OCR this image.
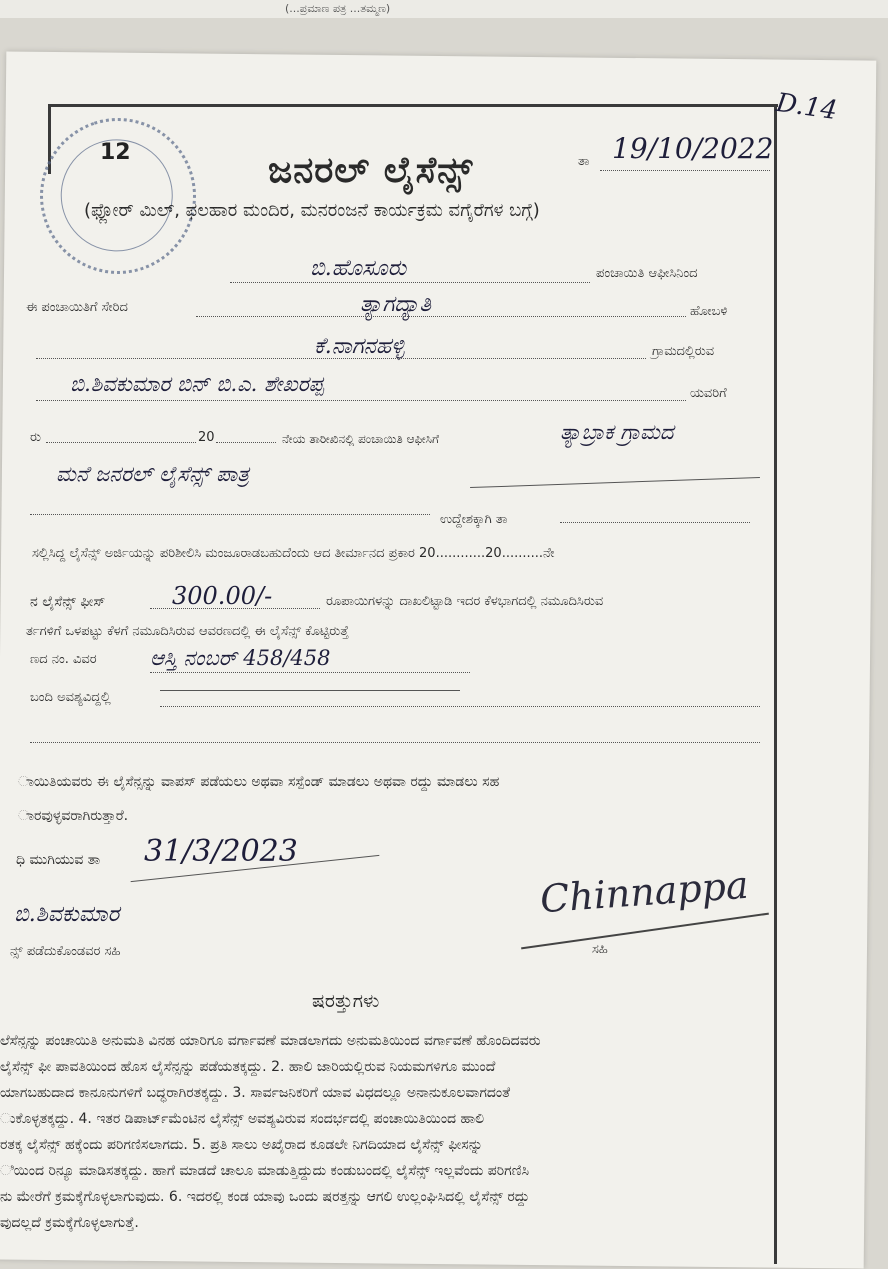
(...ಪ್ರಮಾಣ ಪತ್ರ ...ತಮ್ಮಣ)
12	ಜನರಲ್ ಲೈಸೆನ್ಸ್
(ಫ್ಲೋರ್ ಮಿಲ್, ಫಲಹಾರ ಮಂದಿರ, ಮನರಂಜನೆ ಕಾರ್ಯಕ್ರಮ ವಗೈರೆಗಳ ಬಗ್ಗೆ)
ತಾ 19/10/2022
D.14
ಬಿ.ಹೊಸೂರು	ಪಂಚಾಯಿತಿ ಆಫೀಸಿನಿಂದ
ಈ ಪಂಚಾಯಿತಿಗೆ ಸೇರಿದ	ತ್ಯಾಗದ್ಯಾತಿ	ಹೋಬಳಿ
ಕೆ.ನಾಗನಹಳ್ಳಿ	ಗ್ರಾಮದಲ್ಲಿರುವ
ಬಿ.ಶಿವಕುಮಾರ ಬಿನ್ ಬಿ.ಎ. ಶೇಖರಪ್ಪ	ಯವರಿಗೆ
ರು	20	ನೇಯ ತಾರೀಖಿನಲ್ಲಿ ಪಂಚಾಯಿತಿ ಆಫೀಸಿಗೆ	ತ್ಯಾಬ್ರಾಕ ಗ್ರಾಮದ
ಮನೆ ಜನರಲ್ ಲೈಸೆನ್ಸ್ ಪಾತ್ರ
ಉದ್ದೇಶಕ್ಕಾಗಿ ತಾ
ಸಲ್ಲಿಸಿದ್ದ ಲೈಸೆನ್ಸ್ ಅರ್ಜಿಯನ್ನು ಪರಿಶೀಲಿಸಿ ಮಂಜೂರಾಡಬಹುದೆಂದು ಆದ ತೀರ್ಮಾನದ ಪ್ರಕಾರ 20............20..........ನೇ
ನ ಲೈಸೆನ್ಸ್ ಫೀಸ್	300.00/-	ರೂಪಾಯಿಗಳನ್ನು ದಾಖಲಿಟ್ಟಾಡಿ ಇದರ ಕೆಳಭಾಗದಲ್ಲಿ ನಮೂದಿಸಿರುವ
ರ್ತಗಳಿಗೆ ಒಳಪಟ್ಟು ಕೆಳಗೆ ನಮೂದಿಸಿರುವ ಆವರಣದಲ್ಲಿ ಈ ಲೈಸೆನ್ಸ್ ಕೊಟ್ಟಿರುತ್ತೆ
ಣದ ನಂ. ವಿವರ	ಆಸ್ತಿ ನಂಬರ್ 458/458
ಬಂದಿ ಅವಶ್ಯವಿದ್ದಲ್ಲಿ
ಾಯಿತಿಯವರು ಈ ಲೈಸೆನ್ಸನ್ನು ವಾಪಸ್ ಪಡೆಯಲು ಅಥವಾ ಸಸ್ಪೆಂಡ್ ಮಾಡಲು ಅಥವಾ ರದ್ದು ಮಾಡಲು ಸಹ
ಾರವುಳ್ಳವರಾಗಿರುತ್ತಾರೆ.
ಧಿ ಮುಗಿಯುವ ತಾ 31/3/2023
ಬಿ.ಶಿವಕುಮಾರ
ನ್ಸ್ ಪಡೆದುಕೊಂಡವರ ಸಹಿ
Chinnappa
ಸಹಿ
ಷರತ್ತುಗಳು
ಲೆಸೆನ್ಸನ್ನು ಪಂಚಾಯಿತಿ ಅನುಮತಿ ವಿನಹ ಯಾರಿಗೂ ವರ್ಗಾವಣೆ ಮಾಡಲಾಗದು ಅನುಮತಿಯಿಂದ ವರ್ಗಾವಣೆ ಹೊಂದಿದವರು
ಲೈಸೆನ್ಸ್ ಫೀ ಪಾವತಿಯಿಂದ ಹೊಸ ಲೈಸೆನ್ಸನ್ನು ಪಡೆಯತಕ್ಕದ್ದು. 2. ಹಾಲಿ ಜಾರಿಯಲ್ಲಿರುವ ನಿಯಮಗಳಿಗೂ ಮುಂದೆ
ಯಾಗಬಹುದಾದ ಕಾನೂನುಗಳಿಗೆ ಬದ್ಧರಾಗಿರತಕ್ಕದ್ದು. 3. ಸಾರ್ವಜನಿಕರಿಗೆ ಯಾವ ವಿಧದಲ್ಲೂ ಅನಾನುಕೂಲವಾಗದಂತೆ
ುಕೊಳ್ಳತಕ್ಕದ್ದು. 4. ಇತರ ಡಿಪಾರ್ಟ್‌ಮೆಂಟಿನ ಲೈಸೆನ್ಸ್ ಅವಶ್ಯವಿರುವ ಸಂದರ್ಭದಲ್ಲಿ ಪಂಚಾಯಿತಿಯಿಂದ ಹಾಲಿ
ರತಕ್ಕ ಲೈಸೆನ್ಸ್ ಹಕ್ಕೆಂದು ಪರಿಗಣಿಸಲಾಗದು. 5. ಪ್ರತಿ ಸಾಲು ಅಖೈರಾದ ಕೂಡಲೇ ನಿಗದಿಯಾದ ಲೈಸೆನ್ಸ್ ಫೀಸನ್ನು
ಿಯಿಂದ ರಿನ್ಯೂ ಮಾಡಿಸತಕ್ಕದ್ದು. ಹಾಗೆ ಮಾಡದೆ ಚಾಲೂ ಮಾಡುತ್ತಿದ್ದುದು ಕಂಡುಬಂದಲ್ಲಿ ಲೈಸೆನ್ಸ್ ಇಲ್ಲವೆಂದು ಪರಿಗಣಿಸಿ
ನು ಮೇರೆಗೆ ಕ್ರಮಕ್ಕೆಗೊಳ್ಳಲಾಗುವುದು. 6. ಇದರಲ್ಲಿ ಕಂಡ ಯಾವು ಒಂದು ಷರತ್ತನ್ನು ಆಗಲಿ ಉಲ್ಲಂಘಿಸಿದಲ್ಲಿ ಲೈಸೆನ್ಸ್ ರದ್ದು
ವುದಲ್ಲದೆ ಕ್ರಮಕ್ಕೆಗೊಳ್ಳಲಾಗುತ್ತೆ.
